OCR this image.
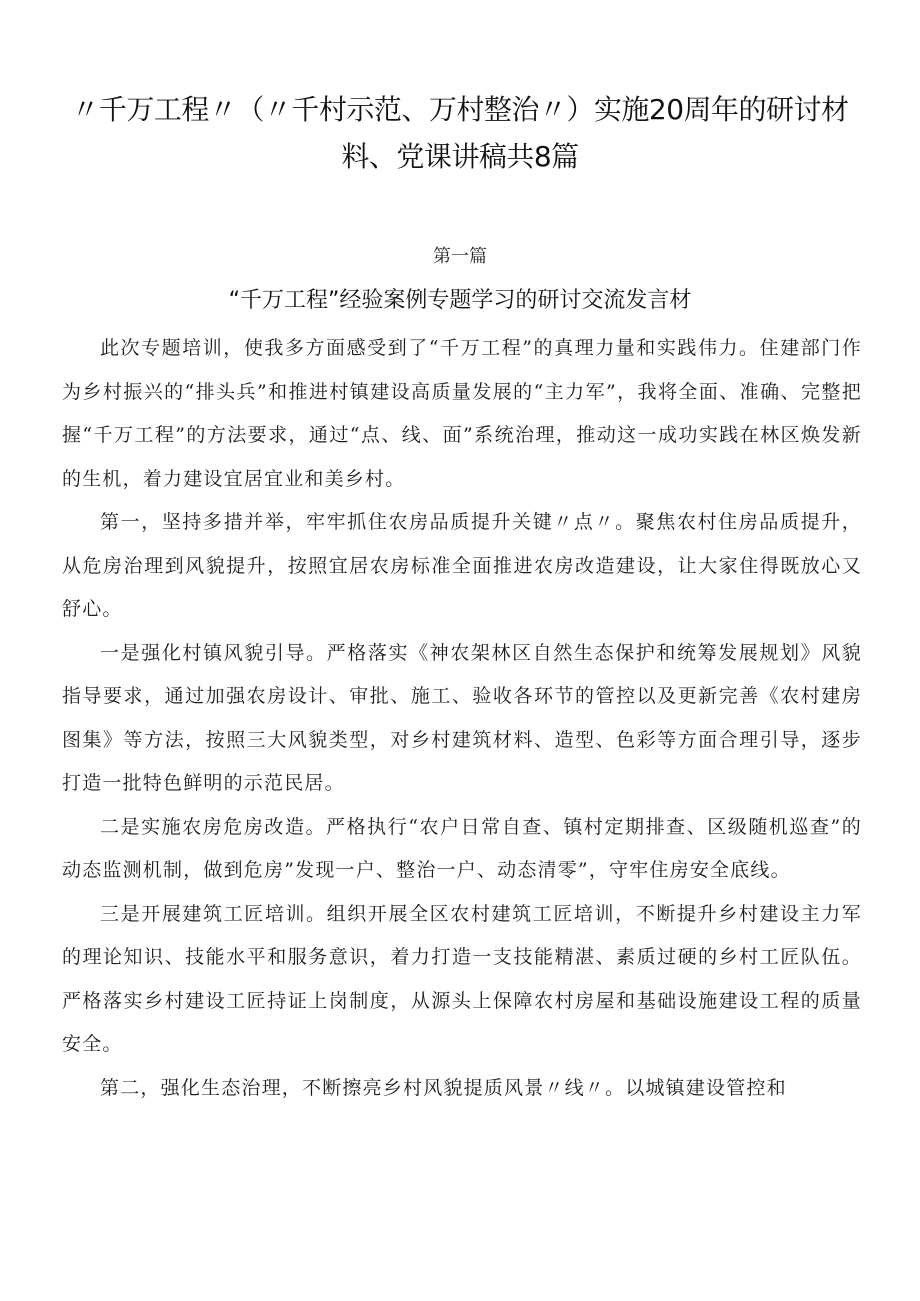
〃千万工程〃（〃千村示范、万村整治〃）实施20周年的研讨材料、党课讲稿共8篇
第一篇
“千万工程”经验案例专题学习的研讨交流发言材

此次专题培训，使我多方面感受到了“千万工程”的真理力量和实践伟力。住建部门作为乡村振兴的“排头兵”和推进村镇建设高质量发展的“主力军”，我将全面、准确、完整把握“千万工程”的方法要求，通过“点、线、面”系统治理，推动这一成功实践在林区焕发新的生机，着力建设宜居宜业和美乡村。

第一，坚持多措并举，牢牢抓住农房品质提升关键〃点〃。聚焦农村住房品质提升，从危房治理到风貌提升，按照宜居农房标准全面推进农房改造建设，让大家住得既放心又舒心。

一是强化村镇风貌引导。严格落实《神农架林区自然生态保护和统筹发展规划》风貌指导要求，通过加强农房设计、审批、施工、验收各环节的管控以及更新完善《农村建房图集》等方法，按照三大风貌类型，对乡村建筑材料、造型、色彩等方面合理引导，逐步打造一批特色鲜明的示范民居。

二是实施农房危房改造。严格执行“农户日常自查、镇村定期排查、区级随机巡查”的动态监测机制，做到危房”发现一户、整治一户、动态清零”，守牢住房安全底线。

三是开展建筑工匠培训。组织开展全区农村建筑工匠培训，不断提升乡村建设主力军的理论知识、技能水平和服务意识，着力打造一支技能精湛、素质过硬的乡村工匠队伍。严格落实乡村建设工匠持证上岗制度，从源头上保障农村房屋和基础设施建设工程的质量安全。

第二，强化生态治理，不断擦亮乡村风貌提质风景〃线〃。以城镇建设管控和
